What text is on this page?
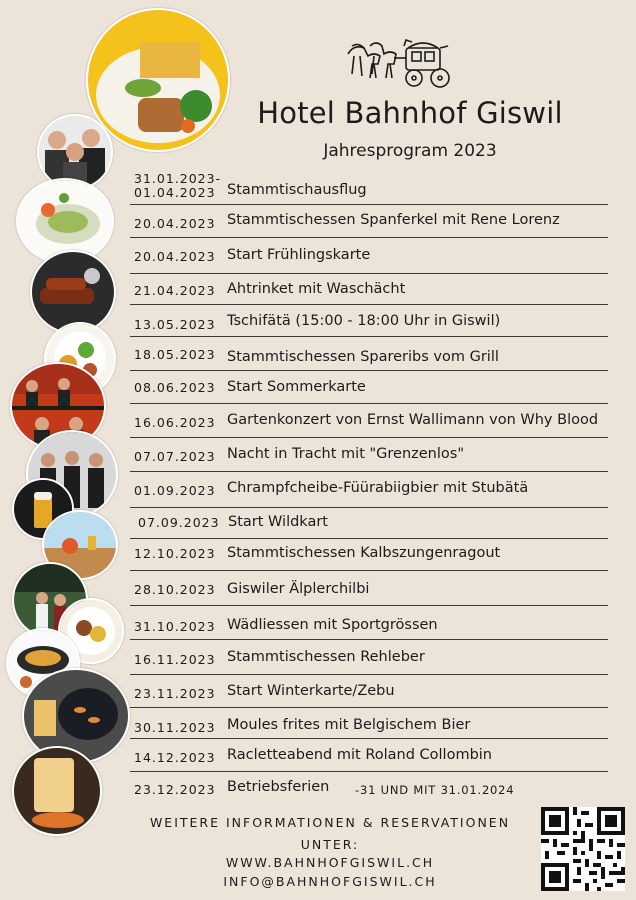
Hotel Bahnhof Giswil
Jahresprogram 2023
31.01.2023-
01.04.2023 Stammtischausflug
20.04.2023 Stammtischessen Spanferkel mit Rene Lorenz
20.04.2023 Start Frühlingskarte
21.04.2023 Ahtrinket mit Waschächt
13.05.2023 Tschifätä (15:00 - 18:00 Uhr in Giswil)
18.05.2023 Stammtischessen Spareribs vom Grill
08.06.2023 Start Sommerkarte
16.06.2023 Gartenkonzert von Ernst Wallimann von Why Blood
07.07.2023 Nacht in Tracht mit "Grenzenlos"
01.09.2023 Chrampfcheibe-Füürabiigbier mit Stubätä
07.09.2023 Start Wildkart
12.10.2023 Stammtischessen Kalbszungenragout
28.10.2023 Giswiler Älplerchilbi
31.10.2023 Wädliessen mit Sportgrössen
16.11.2023 Stammtischessen Rehleber
23.11.2023 Start Winterkarte/Zebu
30.11.2023 Moules frites mit Belgischem Bier
14.12.2023 Racletteabend mit Roland Collombin
23.12.2023 Betriebsferien -31 UND MIT 31.01.2024
WEITERE INFORMATIONEN & RESERVATIONEN
UNTER:
WWW.BAHNHOFGISWIL.CH
INFO@BAHNHOFGISWIL.CH
